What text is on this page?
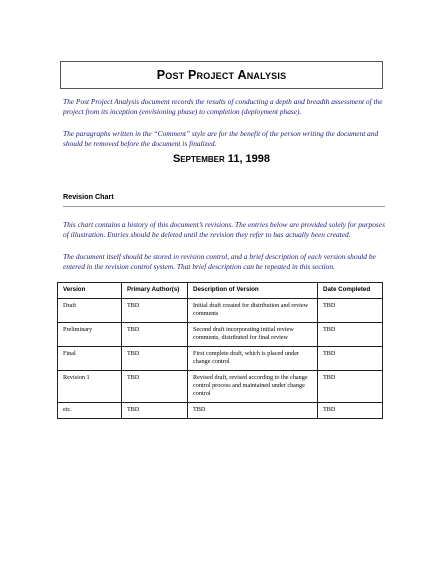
Post Project Analysis
The Post Project Analysis document records the results of conducting a depth and breadth assessment of the project from its inception (envisioning phase) to completion (deployment phase).
The paragraphs written in the “Comment” style are for the benefit of the person writing the document and should be removed before the document is finalized.
September 11, 1998
Revision Chart
This chart contains a history of this document’s revisions. The entries below are provided solely for purposes of illustration. Entries should be deleted until the revision they refer to has actually been created.
The document itself should be stored in revision control, and a brief description of each version should be entered in the revision control system. That brief description can be repeated in this section.
Version	Primary Author(s)	Description of Version	Date Completed
Draft	TBD	Initial draft created for distribution and review comments	TBD
Preliminary	TBD	Second draft incorporating initial review comments, distributed for final review	TBD
Final	TBD	First complete draft, which is placed under change control	TBD
Revision 1	TBD	Revised draft, revised according to the change control process and maintained under change control	TBD
etc.	TBD	TBD	TBD
